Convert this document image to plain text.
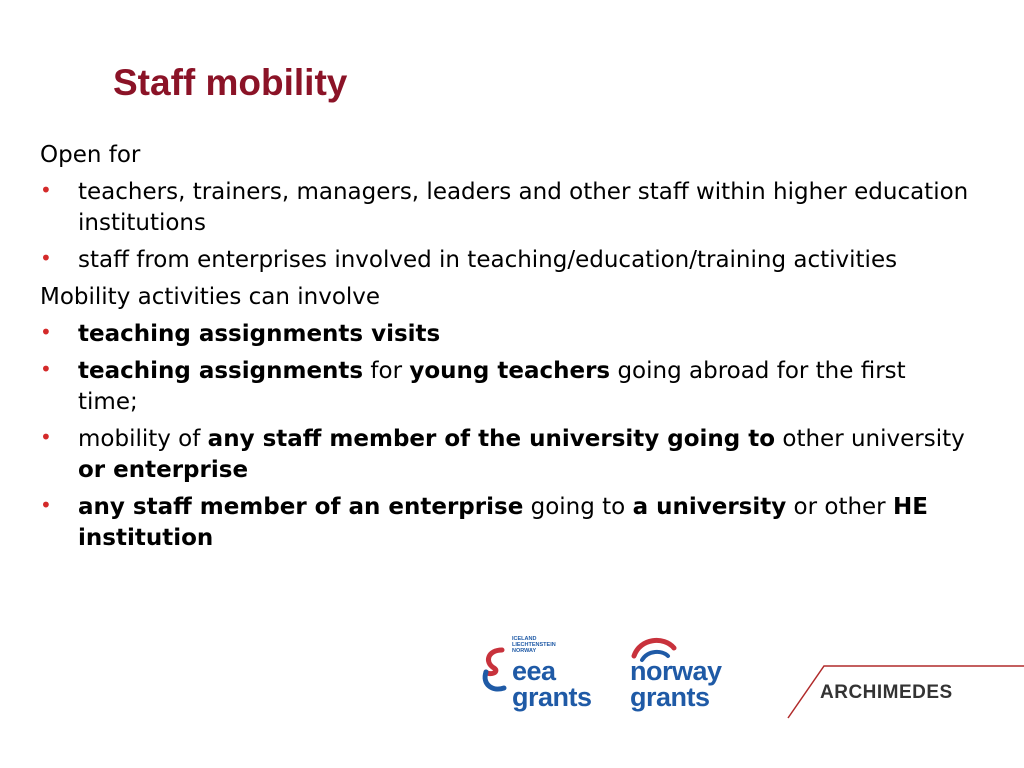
Staff mobility

Open for

• teachers, trainers, managers, leaders and other staff within higher education institutions
• staff from enterprises involved in teaching/education/training activities

Mobility activities can involve

• teaching assignments visits
• teaching assignments for young teachers going abroad for the first time;
• mobility of any staff member of the university going to other university or enterprise
• any staff member of an enterprise going to a university or other HE institution
ICELAND
LIECHTENSTEIN
NORWAY
eea
grants
norway
grants	ARCHIMEDES
